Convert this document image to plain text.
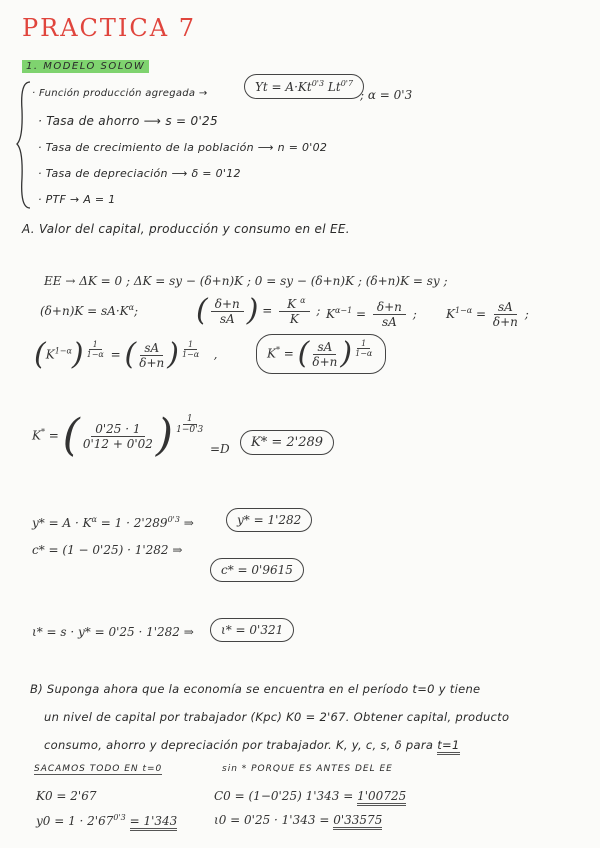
PRACTICA 7
1. MODELO SOLOW
· Función producción agregada →	$Yt = A\cdot Kt^{0'3}$ $Lt^{0'7}$
; α = 0'3
· Tasa de ahorro ⟶ s = 0'25
· Tasa de crecimiento de la población ⟶ n = 0'02
· Tasa de depreciación ⟶ δ = 0'12
· PTF → A = 1
A. Valor del capital, producción y consumo en el EE.
EE → ΔK = 0 ; ΔK = sy − (δ+n)K ; 0 = sy − (δ+n)K ; (δ+n)K = sy ;
$(\delta+n)K = sA\cdot K^\alpha$; ( $\frac{\delta+n}{sA}$ ) = $\frac{K ^\alpha}{K}$ ; $K^{\alpha-1} = \frac{\delta+n}{sA}$ ; $K^{1-\alpha} = \frac{sA}{\delta+n}$ ;
$(K^{1-\alpha}) \frac{1}{1-\alpha}$ = ( $\frac{sA}{\delta+n}$ ) $\frac{1}{1-\alpha}$ ,	K* = ( $\frac{sA}{\delta+n}$ ) $\frac{1}{1-\alpha}$
K* = ( $\frac{0'25 \cdot 1}{0'12 + 0'02}$ ) $\frac{1}{1-0'3}$
=D	K* = 2'289
$y* = A \cdot K^\alpha = 1 \cdot 2'289^{0'3}$ ⇒	y* = 1'282
c* = (1 − 0'25) · 1'282 ⇒
c* = 0'9615
ι* = s · y* = 0'25 · 1'282 ⇒	ι* = 0'321
B) Suponga ahora que la economía se encuentra en el período t=0 y tiene
un nivel de capital por trabajador (Kpc) K0 = 2'67. Obtener capital, producto
consumo, ahorro y depreciación por trabajador. K, y, c, s, δ para t=1
SACAMOS TODO EN t=0	sin * PORQUE ES ANTES DEL EE
K0 = 2'67
$y0 = 1 \cdot 2'67^{0'3} = 1'343$
C0 = (1−0'25) 1'343 = 1'00725
ι0 = 0'25 · 1'343 = 0'33575
